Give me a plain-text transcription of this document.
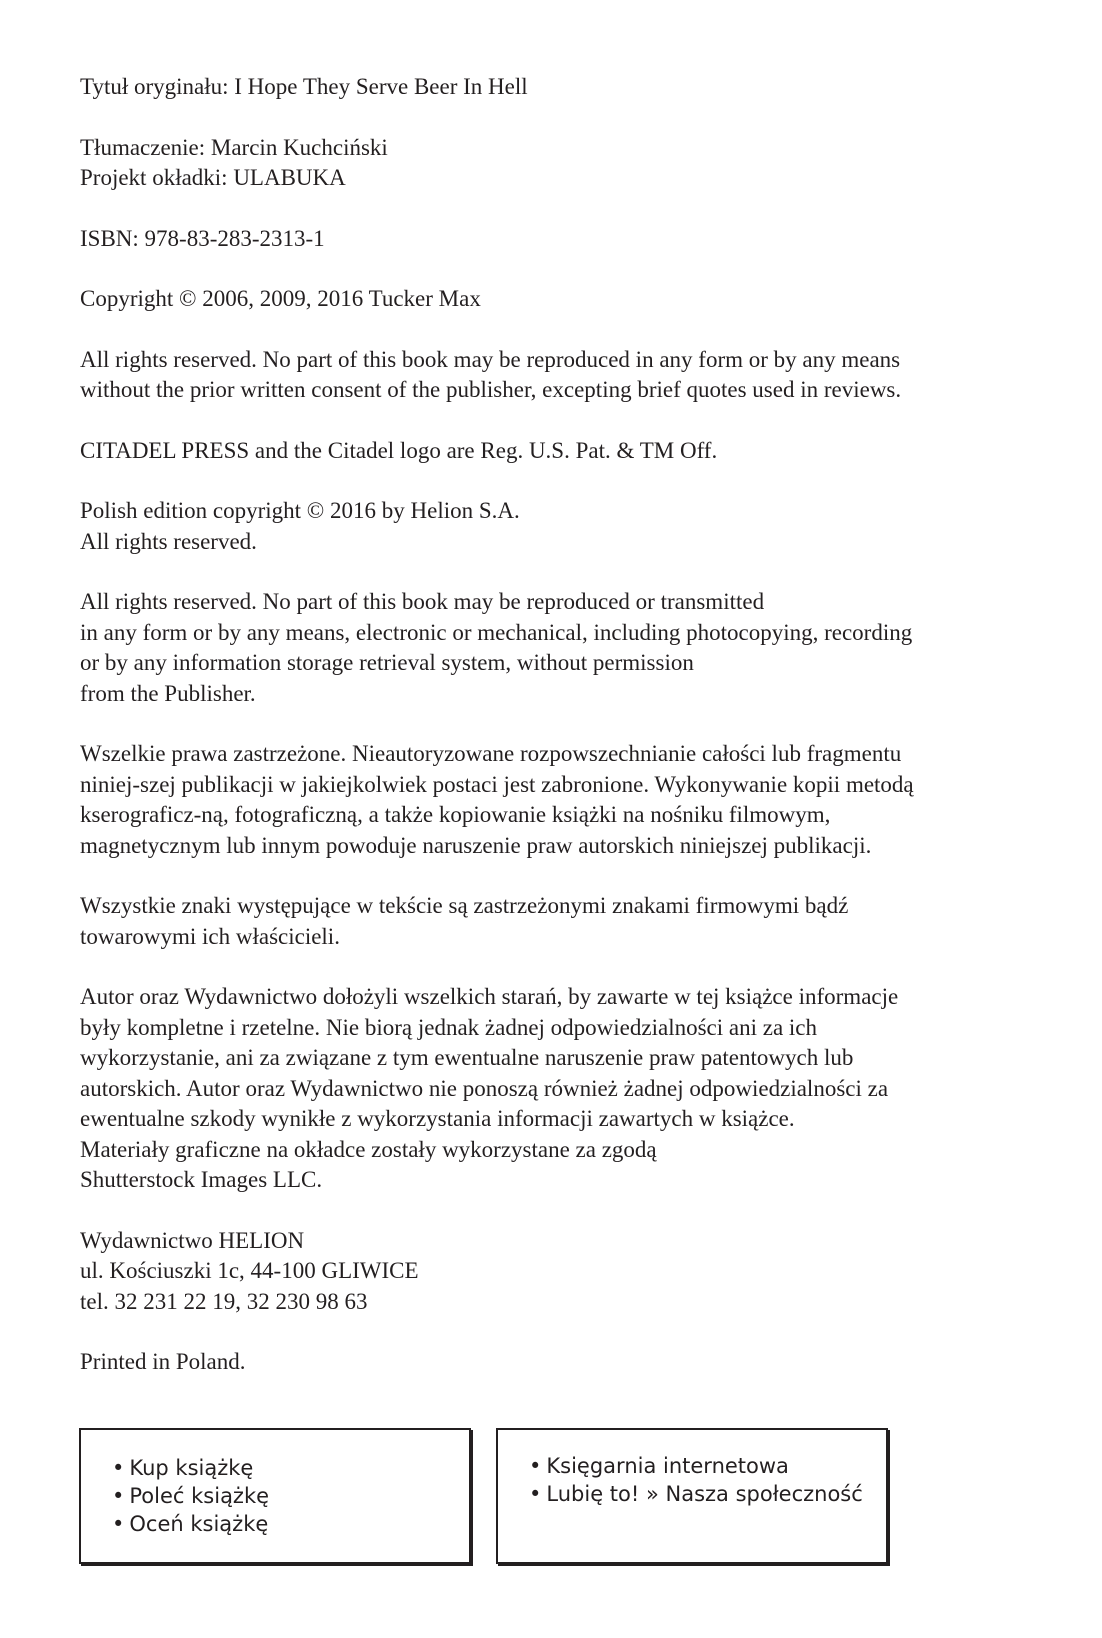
Tytuł oryginału: I Hope They Serve Beer In Hell

Tłumaczenie: Marcin Kuchciński
Projekt okładki: ULABUKA

ISBN: 978-83-283-2313-1

Copyright © 2006, 2009, 2016 Tucker Max

All rights reserved. No part of this book may be reproduced in any form or by any means
without the prior written consent of the publisher, excepting brief quotes used in reviews.

CITADEL PRESS and the Citadel logo are Reg. U.S. Pat. & TM Off.

Polish edition copyright © 2016 by Helion S.A.
All rights reserved.

All rights reserved. No part of this book may be reproduced or transmitted
in any form or by any means, electronic or mechanical, including photocopying, recording
or by any information storage retrieval system, without permission
from the Publisher.

Wszelkie prawa zastrzeżone. Nieautoryzowane rozpowszechnianie całości lub fragmentu
niniej-szej publikacji w jakiejkolwiek postaci jest zabronione. Wykonywanie kopii metodą
kserograficz-ną, fotograficzną, a także kopiowanie książki na nośniku filmowym,
magnetycznym lub innym powoduje naruszenie praw autorskich niniejszej publikacji.

Wszystkie znaki występujące w tekście są zastrzeżonymi znakami firmowymi bądź
towarowymi ich właścicieli.

Autor oraz Wydawnictwo dołożyli wszelkich starań, by zawarte w tej książce informacje
były kompletne i rzetelne. Nie biorą jednak żadnej odpowiedzialności ani za ich
wykorzystanie, ani za związane z tym ewentualne naruszenie praw patentowych lub
autorskich. Autor oraz Wydawnictwo nie ponoszą również żadnej odpowiedzialności za
ewentualne szkody wynikłe z wykorzystania informacji zawartych w książce.
Materiały graficzne na okładce zostały wykorzystane za zgodą
Shutterstock Images LLC.

Wydawnictwo HELION
ul. Kościuszki 1c, 44-100 GLIWICE
tel. 32 231 22 19, 32 230 98 63

Printed in Poland.

• Kup książkę
• Poleć książkę
• Oceń książkę
• Księgarnia internetowa
• Lubię to! » Nasza społeczność
